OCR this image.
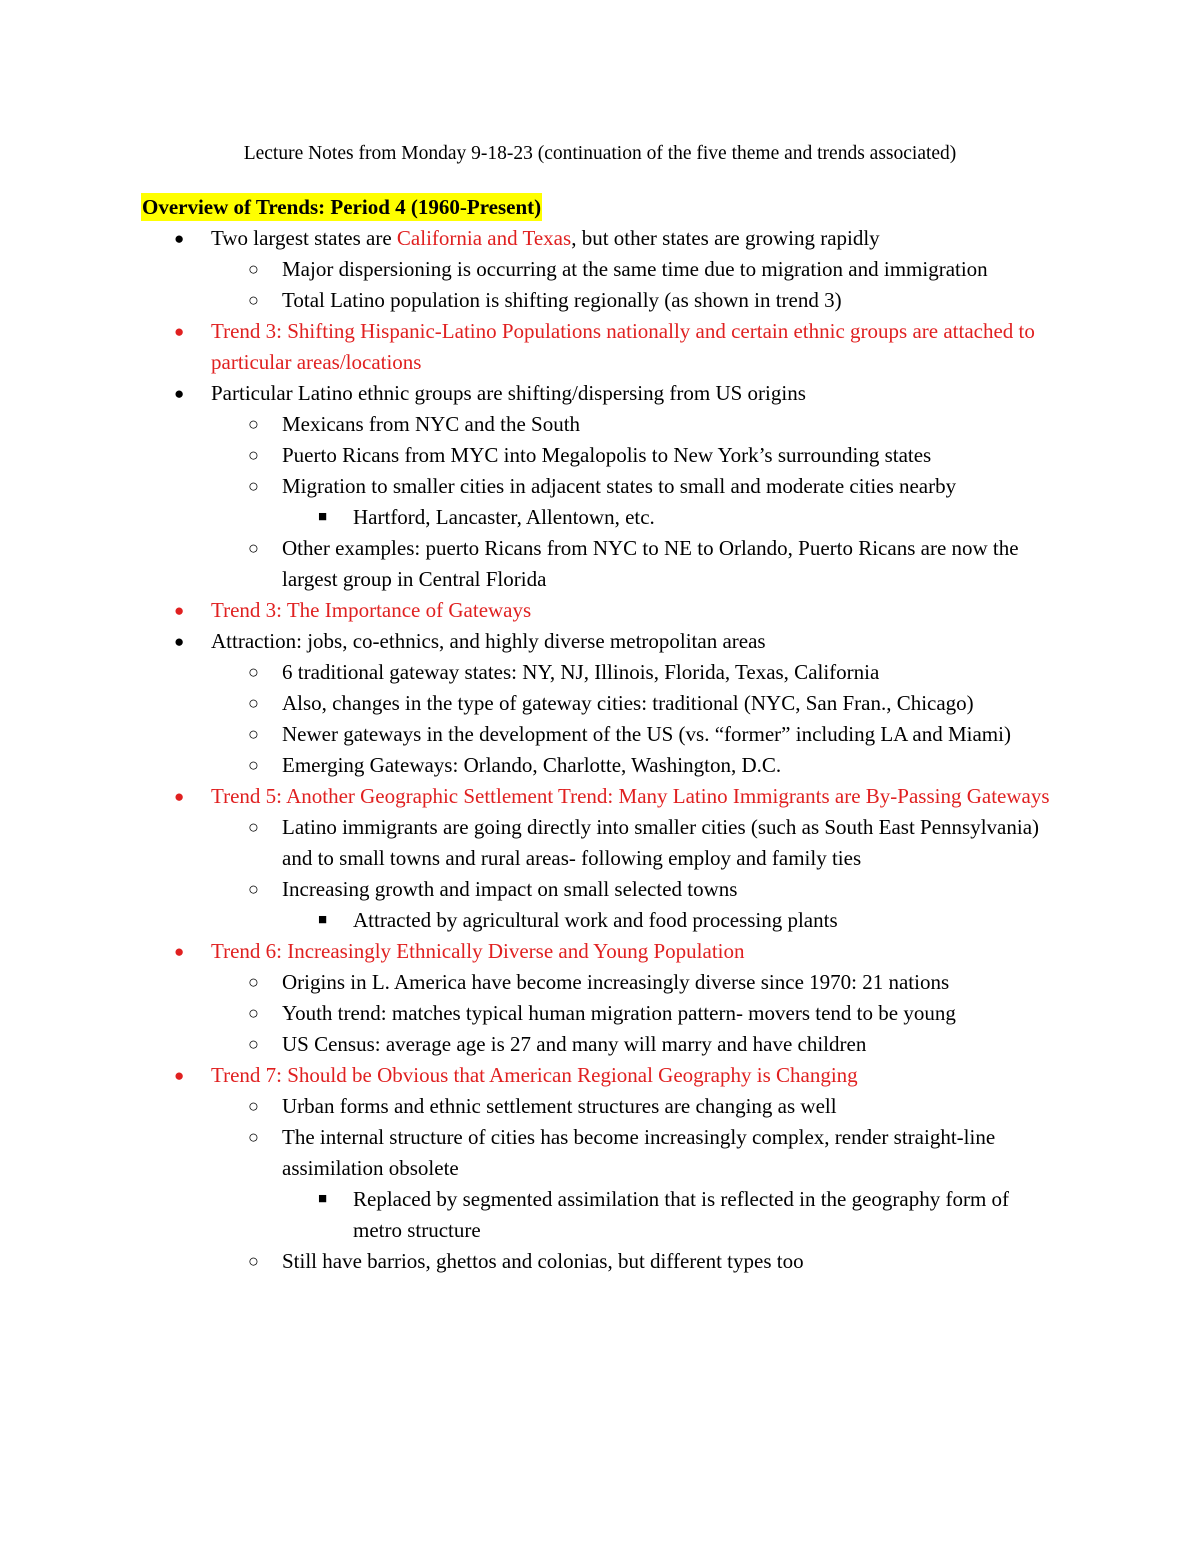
Lecture Notes from Monday 9-18-23 (continuation of the five theme and trends associated)
Overview of Trends: Period 4 (1960-Present)
● Two largest states are California and Texas, but other states are growing rapidly
○ Major dispersioning is occurring at the same time due to migration and immigration
○ Total Latino population is shifting regionally (as shown in trend 3)
● Trend 3: Shifting Hispanic-Latino Populations nationally and certain ethnic groups are attached to particular areas/locations
● Particular Latino ethnic groups are shifting/dispersing from US origins
○ Mexicans from NYC and the South
○ Puerto Ricans from MYC into Megalopolis to New York’s surrounding states
○ Migration to smaller cities in adjacent states to small and moderate cities nearby
■ Hartford, Lancaster, Allentown, etc.
○ Other examples: puerto Ricans from NYC to NE to Orlando, Puerto Ricans are now the largest group in Central Florida
● Trend 3: The Importance of Gateways
● Attraction: jobs, co-ethnics, and highly diverse metropolitan areas
○ 6 traditional gateway states: NY, NJ, Illinois, Florida, Texas, California
○ Also, changes in the type of gateway cities: traditional (NYC, San Fran., Chicago)
○ Newer gateways in the development of the US (vs. “former” including LA and Miami)
○ Emerging Gateways: Orlando, Charlotte, Washington, D.C.
● Trend 5: Another Geographic Settlement Trend: Many Latino Immigrants are By-Passing Gateways
○ Latino immigrants are going directly into smaller cities (such as South East Pennsylvania) and to small towns and rural areas- following employ and family ties
○ Increasing growth and impact on small selected towns
■ Attracted by agricultural work and food processing plants
● Trend 6: Increasingly Ethnically Diverse and Young Population
○ Origins in L. America have become increasingly diverse since 1970: 21 nations
○ Youth trend: matches typical human migration pattern- movers tend to be young
○ US Census: average age is 27 and many will marry and have children
● Trend 7: Should be Obvious that American Regional Geography is Changing
○ Urban forms and ethnic settlement structures are changing as well
○ The internal structure of cities has become increasingly complex, render straight-line assimilation obsolete
■ Replaced by segmented assimilation that is reflected in the geography form of metro structure
○ Still have barrios, ghettos and colonias, but different types too
